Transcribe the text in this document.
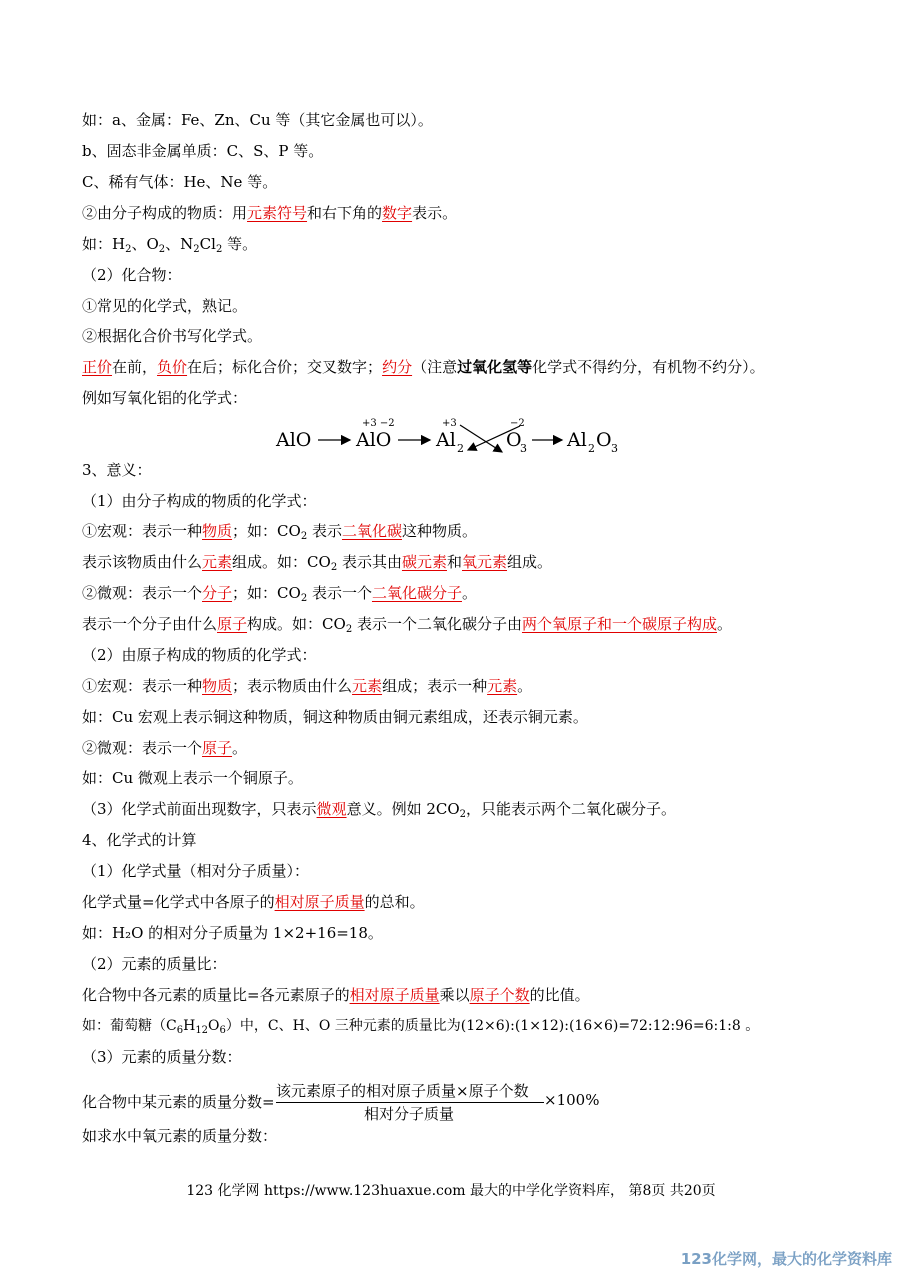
如：a、金属：Fe、Zn、Cu 等（其它金属也可以）。
b、固态非金属单质：C、S、P 等。
C、稀有气体：He、Ne 等。
②由分子构成的物质：用元素符号和右下角的数字表示。
如：$H_2$、$O_2$、$N_2Cl_2$ 等。
（2）化合物：
①常见的化学式，熟记。
②根据化合价书写化学式。
正价在前，负价在后；标化合价；交叉数字；约分（注意过氧化氢等化学式不得约分，有机物不约分）。
例如写氧化铝的化学式：
AlO AlO
+3 −2
Al 2
+3
O
3
−2
Al 2 O 3
3、意义：
（1）由分子构成的物质的化学式：
①宏观：表示一种物质；如：$CO_2$ 表示二氧化碳这种物质。
表示该物质由什么元素组成。如：$CO_2$ 表示其由碳元素和氧元素组成。
②微观：表示一个分子；如：$CO_2$ 表示一个二氧化碳分子。
表示一个分子由什么原子构成。如：$CO_2$ 表示一个二氧化碳分子由两个氧原子和一个碳原子构成。
（2）由原子构成的物质的化学式：
①宏观：表示一种物质；表示物质由什么元素组成；表示一种元素。
如：Cu 宏观上表示铜这种物质，铜这种物质由铜元素组成，还表示铜元素。
②微观：表示一个原子。
如：Cu 微观上表示一个铜原子。
（3）化学式前面出现数字，只表示微观意义。例如 $2CO_2$，只能表示两个二氧化碳分子。
4、化学式的计算
（1）化学式量（相对分子质量）：
化学式量=化学式中各原子的相对原子质量的总和。
如：H₂O 的相对分子质量为 1×2+16=18。
（2）元素的质量比：
化合物中各元素的质量比=各元素原子的相对原子质量乘以原子个数的比值。
如：葡萄糖$(C_6H_{12}O_6)$中，C、H、O 三种元素的质量比为(12×6):(1×12):(16×6)=72:12:96=6:1:8 。
（3）元素的质量分数：
化合物中某元素的质量分数=
该元素原子的相对原子质量×原子个数
相对分子质量
×100%
如求水中氧元素的质量分数：
123 化学网 https://www.123huaxue.com 最大的中学化学资料库， 第8页 共20页
123化学网，最大的化学资料库
